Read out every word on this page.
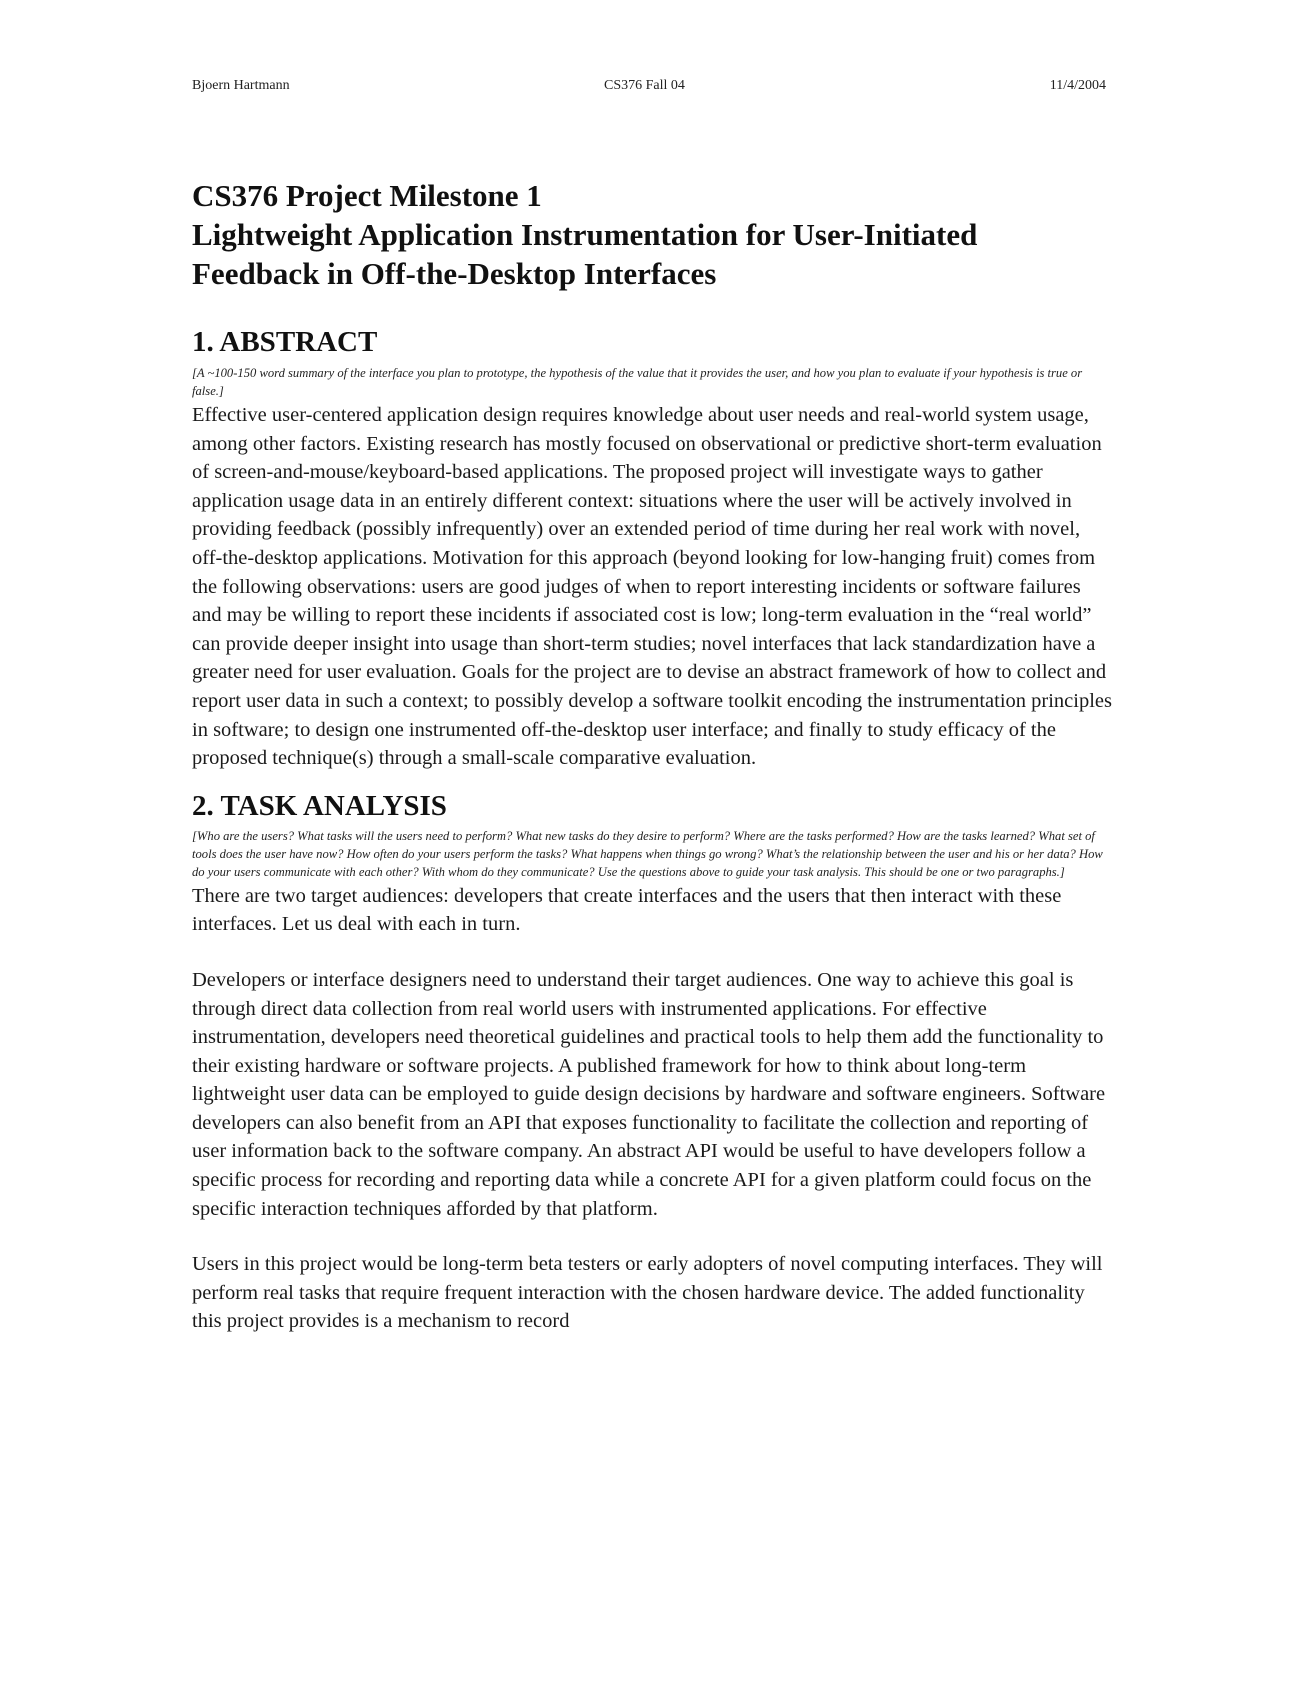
Bjoern Hartmann	CS376 Fall 04	11/4/2004
CS376 Project Milestone 1
Lightweight Application Instrumentation for User-Initiated
Feedback in Off-the-Desktop Interfaces
1. ABSTRACT

[A ~100-150 word summary of the interface you plan to prototype, the hypothesis of the value that it provides the user, and how you plan to evaluate if your hypothesis is true or false.]

Effective user-centered application design requires knowledge about user needs and real-world system usage, among other factors. Existing research has mostly focused on observational or predictive short-term evaluation of screen-and-mouse/keyboard-based applications. The proposed project will investigate ways to gather application usage data in an entirely different context: situations where the user will be actively involved in providing feedback (possibly infrequently) over an extended period of time during her real work with novel, off-the-desktop applications. Motivation for this approach (beyond looking for low-hanging fruit) comes from the following observations: users are good judges of when to report interesting incidents or software failures and may be willing to report these incidents if associated cost is low; long-term evaluation in the “real world” can provide deeper insight into usage than short-term studies; novel interfaces that lack standardization have a greater need for user evaluation. Goals for the project are to devise an abstract framework of how to collect and report user data in such a context; to possibly develop a software toolkit encoding the instrumentation principles in software; to design one instrumented off-the-desktop user interface; and finally to study efficacy of the proposed technique(s) through a small-scale comparative evaluation.

2. TASK ANALYSIS

[Who are the users? What tasks will the users need to perform? What new tasks do they desire to perform? Where are the tasks performed? How are the tasks learned? What set of tools does the user have now? How often do your users perform the tasks? What happens when things go wrong? What’s the relationship between the user and his or her data? How do your users communicate with each other? With whom do they communicate? Use the questions above to guide your task analysis. This should be one or two paragraphs.]

There are two target audiences: developers that create interfaces and the users that then interact with these interfaces. Let us deal with each in turn.

Developers or interface designers need to understand their target audiences. One way to achieve this goal is through direct data collection from real world users with instrumented applications. For effective instrumentation, developers need theoretical guidelines and practical tools to help them add the functionality to their existing hardware or software projects. A published framework for how to think about long-term lightweight user data can be employed to guide design decisions by hardware and software engineers. Software developers can also benefit from an API that exposes functionality to facilitate the collection and reporting of user information back to the software company. An abstract API would be useful to have developers follow a specific process for recording and reporting data while a concrete API for a given platform could focus on the specific interaction techniques afforded by that platform.

Users in this project would be long-term beta testers or early adopters of novel computing interfaces. They will perform real tasks that require frequent interaction with the chosen hardware device. The added functionality this project provides is a mechanism to record
